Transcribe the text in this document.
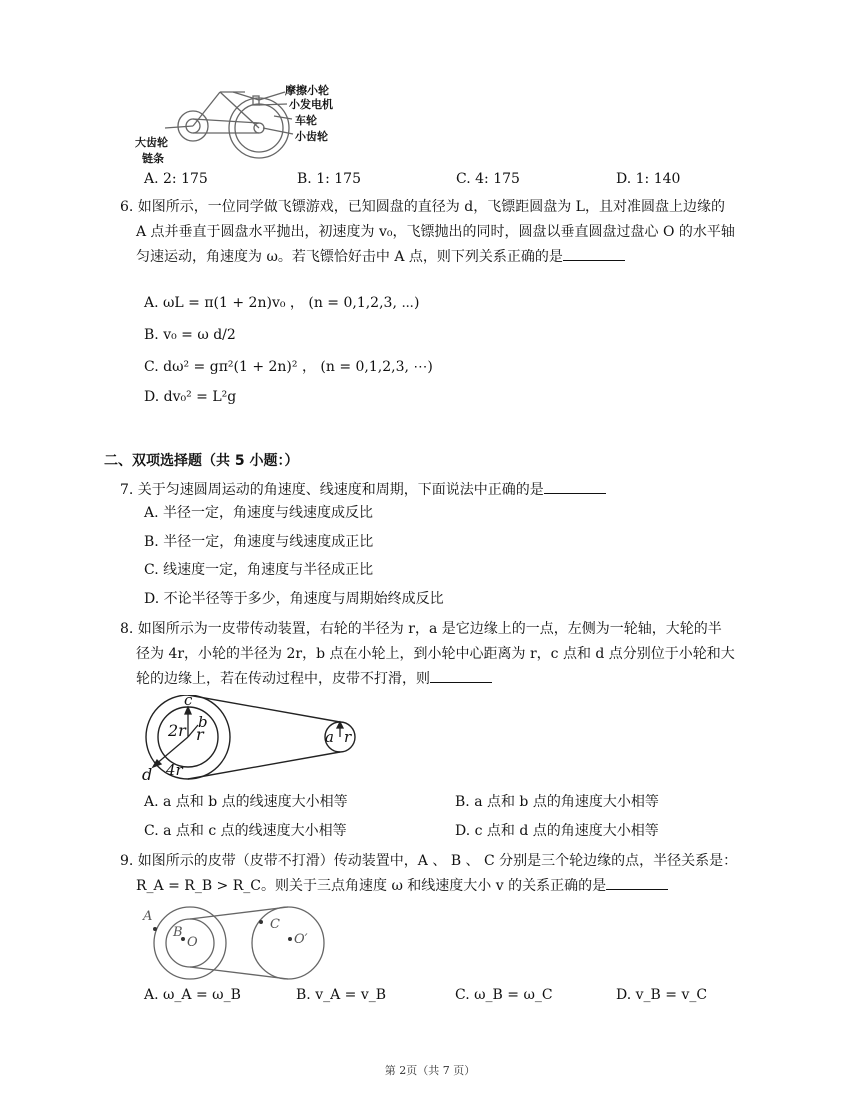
摩擦小轮
小发电机
车轮
小齿轮
大齿轮
链条
A. 2: 175	B. 1: 175	C. 4: 175	D. 1: 140
6. 如图所示，一位同学做飞镖游戏，已知圆盘的直径为 d，飞镖距圆盘为 L，且对准圆盘上边缘的
A 点并垂直于圆盘水平抛出，初速度为 v₀，飞镖抛出的同时，圆盘以垂直圆盘过盘心 O 的水平轴
匀速运动，角速度为 ω。若飞镖恰好击中 A 点，则下列关系正确的是
A. ωL = π(1 + 2n)v₀ ， (n = 0,1,2,3, ⋯)
B. v₀ = ω d/2
C. dω² = gπ²(1 + 2n)² ， (n = 0,1,2,3, ⋯)
D. dv₀² = L²g
二、双项选择题（共 5 小题：）
7. 关于匀速圆周运动的角速度、线速度和周期，下面说法中正确的是
A. 半径一定，角速度与线速度成反比
B. 半径一定，角速度与线速度成正比
C. 线速度一定，角速度与半径成正比
D. 不论半径等于多少，角速度与周期始终成反比
8. 如图所示为一皮带传动装置，右轮的半径为 r，a 是它边缘上的一点，左侧为一轮轴，大轮的半
径为 4r，小轮的半径为 2r，b 点在小轮上，到小轮中心距离为 r，c 点和 d 点分别位于小轮和大
轮的边缘上，若在传动过程中，皮带不打滑，则
c
b
2r r
d 4r
a r
A. a 点和 b 点的线速度大小相等	B. a 点和 b 点的角速度大小相等
C. a 点和 c 点的线速度大小相等	D. c 点和 d 点的角速度大小相等
9. 如图所示的皮带（皮带不打滑）传动装置中，A 、 B 、 C 分别是三个轮边缘的点，半径关系是：
R_A = R_B > R_C。则关于三点角速度 ω 和线速度大小 v 的关系正确的是
A
B
O
C
O′
A. ω_A = ω_B	B. v_A = v_B	C. ω_B = ω_C	D. v_B = v_C
第 2页（共 7 页）
